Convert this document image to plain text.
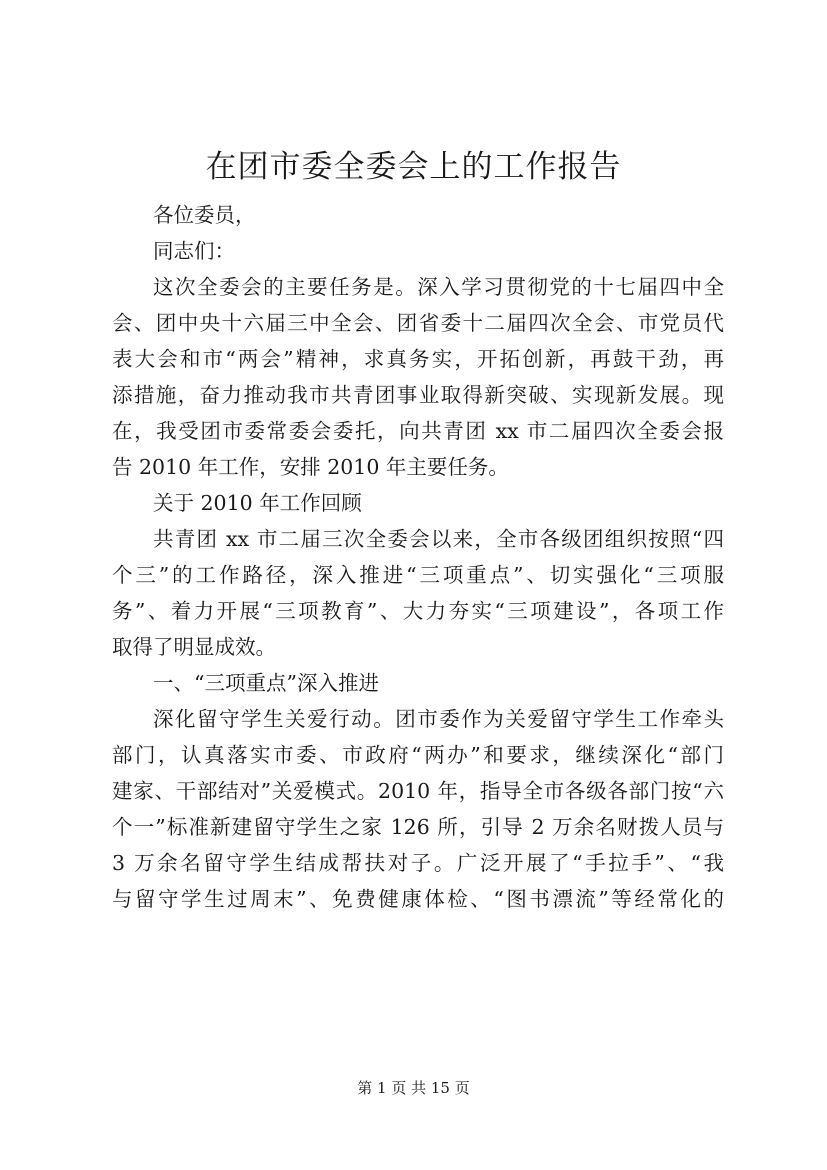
在团市委全委会上的工作报告
各位委员，
同志们：
这次全委会的主要任务是。深入学习贯彻党的十七届四中全
会、团中央十六届三中全会、团省委十二届四次全会、市党员代
表大会和市“两会”精神，求真务实，开拓创新，再鼓干劲，再
添措施，奋力推动我市共青团事业取得新突破、实现新发展。现
在，我受团市委常委会委托，向共青团 xx 市二届四次全委会报
告 2010 年工作，安排 2010 年主要任务。
关于 2010 年工作回顾
共青团 xx 市二届三次全委会以来，全市各级团组织按照“四
个三”的工作路径，深入推进“三项重点”、切实强化“三项服
务”、着力开展“三项教育”、大力夯实“三项建设”，各项工作
取得了明显成效。
一、“三项重点”深入推进
深化留守学生关爱行动。团市委作为关爱留守学生工作牵头
部门，认真落实市委、市政府“两办”和要求，继续深化“部门
建家、干部结对”关爱模式。2010 年，指导全市各级各部门按“六
个一”标准新建留守学生之家 126 所，引导 2 万余名财拨人员与
3 万余名留守学生结成帮扶对子。广泛开展了“手拉手”、“我
与留守学生过周末”、免费健康体检、“图书漂流”等经常化的
第 1 页 共 15 页
